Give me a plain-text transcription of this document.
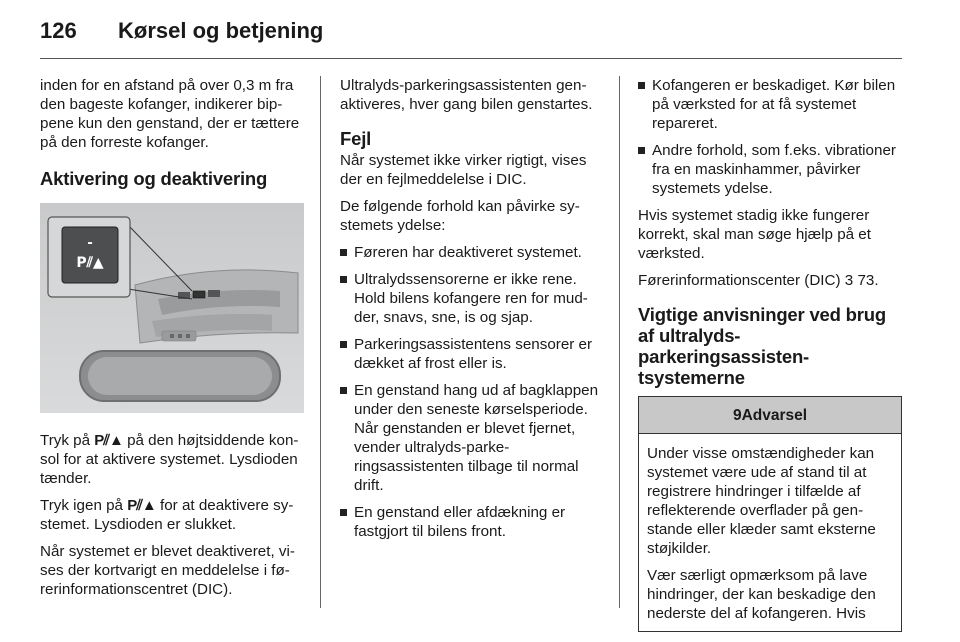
126 Kørsel og betjening

inden for en afstand på over 0,3 m fra den bageste kofanger, indikerer bippene kun den genstand, der er tættere på den forreste kofanger.

Aktivering og deaktivering
-
P⫽▲

Tryk på P⫽▲ på den højtsiddende konsol for at aktivere systemet. Lysdioden tænder.

Tryk igen på P⫽▲ for at deaktivere systemet. Lysdioden er slukket.

Når systemet er blevet deaktiveret, vises der kortvarigt en meddelelse i førerinformationscentret (DIC).

Ultralyds-parkeringsassistenten genaktiveres, hver gang bilen genstartes.

Fejl

Når systemet ikke virker rigtigt, vises der en fejlmeddelelse i DIC.

De følgende forhold kan påvirke systemets ydelse:

Føreren har deaktiveret systemet.
Ultralydssensorerne er ikke rene. Hold bilens kofangere ren for mudder, snavs, sne, is og sjap.
Parkeringsassistentens sensorer er dækket af frost eller is.
En genstand hang ud af bagklappen under den seneste kørselsperiode. Når genstanden er blevet fjernet, vender ultralyds-parkeringsassistenten tilbage til normal drift.
En genstand eller afdækning er fastgjort til bilens front.
Kofangeren er beskadiget. Kør bilen på værksted for at få systemet repareret.
Andre forhold, som f.eks. vibrationer fra en maskinhammer, påvirker systemets ydelse.

Hvis systemet stadig ikke fungerer korrekt, skal man søge hjælp på et værksted.

Førerinformationscenter (DIC) 3 73.

Vigtige anvisninger ved brug af ultralyds-parkeringsassistentsystemerne
9Advarsel

Under visse omstændigheder kan systemet være ude af stand til at registrere hindringer i tilfælde af reflekterende overflader på genstande eller klæder samt eksterne støjkilder.

Vær særligt opmærksom på lave hindringer, der kan beskadige den nederste del af kofangeren. Hvis
